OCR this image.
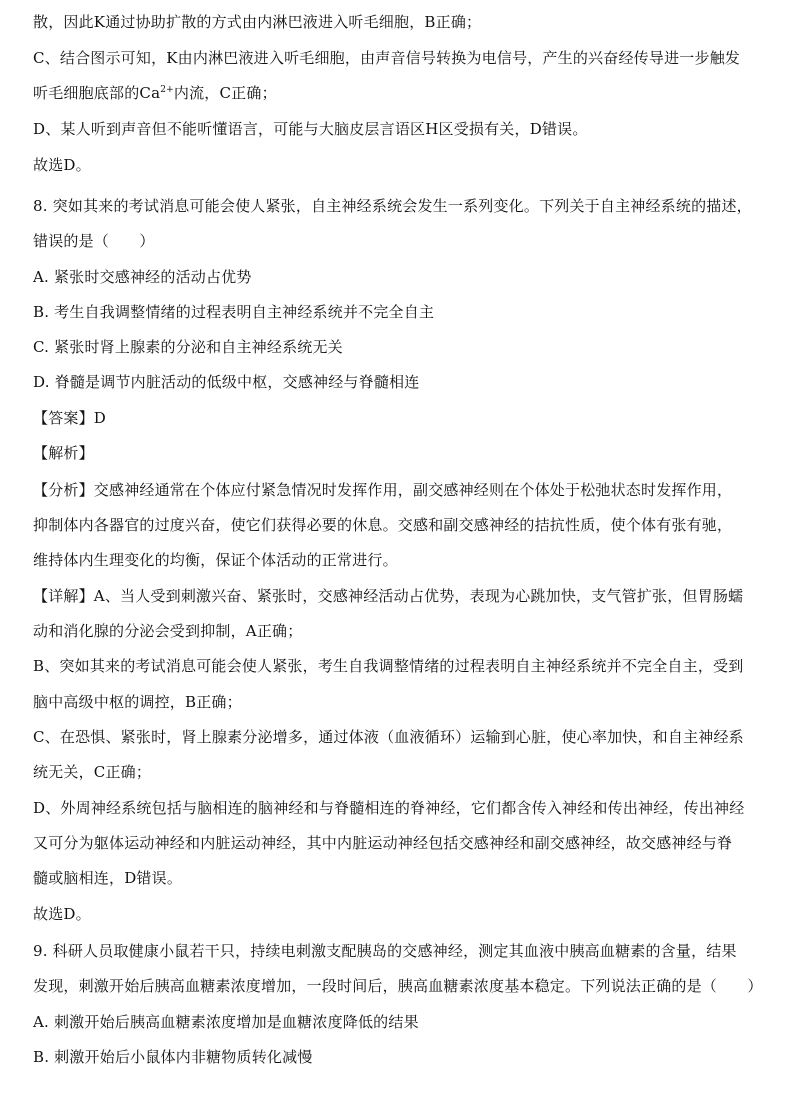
散，因此K通过协助扩散的方式由内淋巴液进入听毛细胞，B正确；
C、结合图示可知，K由内淋巴液进入听毛细胞，由声音信号转换为电信号，产生的兴奋经传导进一步触发
听毛细胞底部的$Ca^{2+}$内流，C正确；
D、某人听到声音但不能听懂语言，可能与大脑皮层言语区H区受损有关，D错误。
故选D。
8. 突如其来的考试消息可能会使人紧张，自主神经系统会发生一系列变化。下列关于自主神经系统的描述，
错误的是（　　）
A. 紧张时交感神经的活动占优势
B. 考生自我调整情绪的过程表明自主神经系统并不完全自主
C. 紧张时肾上腺素的分泌和自主神经系统无关
D. 脊髓是调节内脏活动的低级中枢，交感神经与脊髓相连
【答案】D
【解析】
【分析】交感神经通常在个体应付紧急情况时发挥作用，副交感神经则在个体处于松弛状态时发挥作用，
抑制体内各器官的过度兴奋，使它们获得必要的休息。交感和副交感神经的拮抗性质，使个体有张有驰，
维持体内生理变化的均衡，保证个体活动的正常进行。
【详解】A、当人受到刺激兴奋、紧张时，交感神经活动占优势，表现为心跳加快，支气管扩张，但胃肠蠕
动和消化腺的分泌会受到抑制，A正确；
B、突如其来的考试消息可能会使人紧张，考生自我调整情绪的过程表明自主神经系统并不完全自主，受到
脑中高级中枢的调控，B正确；
C、在恐惧、紧张时，肾上腺素分泌增多，通过体液（血液循环）运输到心脏，使心率加快，和自主神经系
统无关，C正确；
D、外周神经系统包括与脑相连的脑神经和与脊髓相连的脊神经，它们都含传入神经和传出神经，传出神经
又可分为躯体运动神经和内脏运动神经，其中内脏运动神经包括交感神经和副交感神经，故交感神经与脊
髓或脑相连，D错误。
故选D。
9. 科研人员取健康小鼠若干只，持续电刺激支配胰岛的交感神经，测定其血液中胰高血糖素的含量，结果
发现，刺激开始后胰高血糖素浓度增加，一段时间后，胰高血糖素浓度基本稳定。下列说法正确的是（　　）
A. 刺激开始后胰高血糖素浓度增加是血糖浓度降低的结果
B. 刺激开始后小鼠体内非糖物质转化减慢
